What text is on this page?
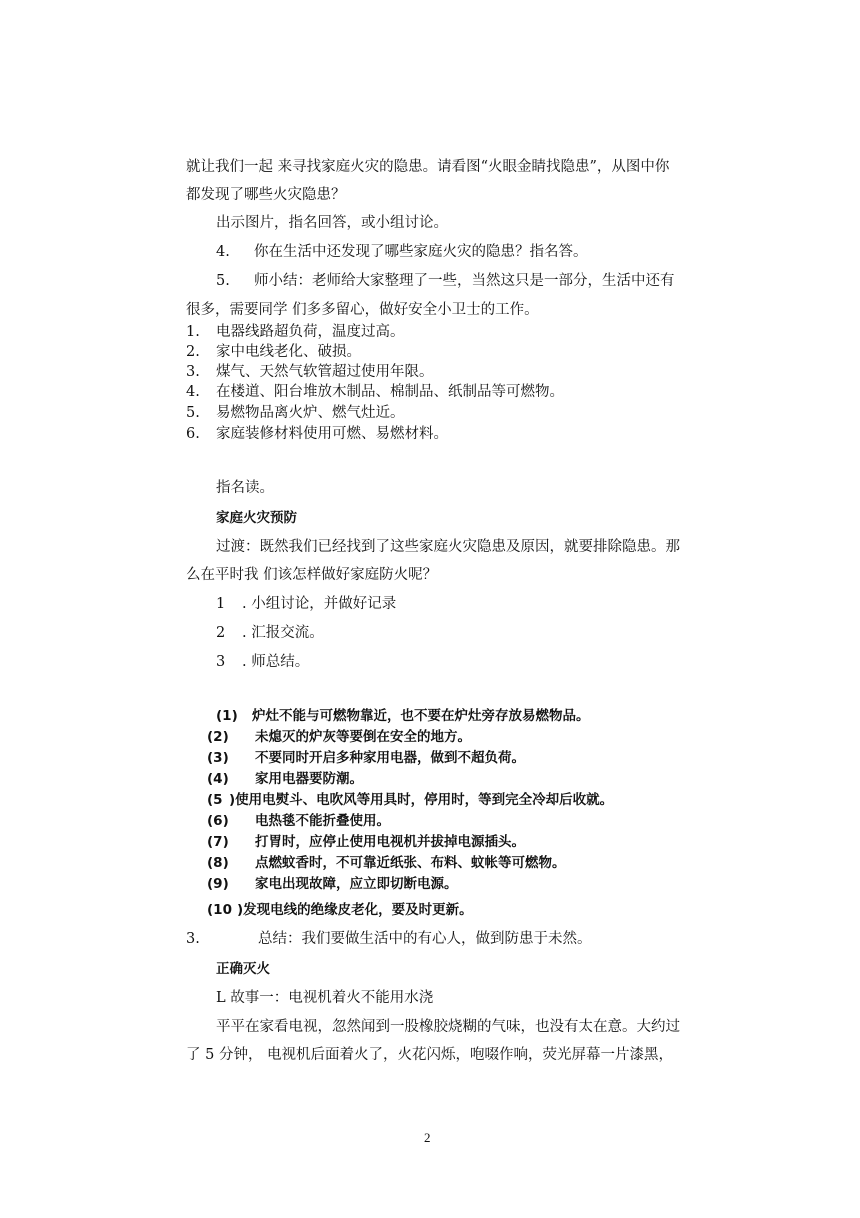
就让我们一起 来寻找家庭火灾的隐患。请看图“火眼金睛找隐患”，从图中你
都发现了哪些火灾隐患？
出示图片，指名回答，或小组讨论。
4. 你在生活中还发现了哪些家庭火灾的隐患？指名答。
5. 师小结：老师给大家整理了一些，当然这只是一部分，生活中还有
很多，需要同学 们多多留心，做好安全小卫士的工作。
1. 电器线路超负荷，温度过高。
2. 家中电线老化、破损。
3. 煤气、天然气软管超过使用年限。
4. 在楼道、阳台堆放木制品、棉制品、纸制品等可燃物。
5. 易燃物品离火炉、燃气灶近。
6. 家庭装修材料使用可燃、易燃材料。
指名读。
家庭火灾预防
过渡：既然我们已经找到了这些家庭火灾隐患及原因，就要排除隐患。那
么在平时我 们该怎样做好家庭防火呢？
1 . 小组讨论，并做好记录
2 . 汇报交流。
3 . 师总结。
(1) 炉灶不能与可燃物靠近，也不要在炉灶旁存放易燃物品。
(2) 未熄灭的炉灰等要倒在安全的地方。
(3) 不要同时开启多种家用电器，做到不超负荷。
(4) 家用电器要防潮。
(5 )使用电熨斗、电吹风等用具时，停用时，等到完全冷却后收就。
(6) 电热毯不能折叠使用。
(7) 打胃时，应停止使用电视机并拔掉电源插头。
(8) 点燃蚊香时，不可靠近纸张、布料、蚊帐等可燃物。
(9) 家电出现故障，应立即切断电源。
(10 )发现电线的绝缘皮老化，要及时更新。
3.	总结：我们要做生活中的有心人，做到防患于未然。
正确灭火
L 故事一：电视机着火不能用水浇
平平在家看电视，忽然闻到一股橡胶烧糊的气味，也没有太在意。大约过
了 5 分钟， 电视机后面着火了，火花闪烁，咆啜作响，荧光屏幕一片漆黑，
2
